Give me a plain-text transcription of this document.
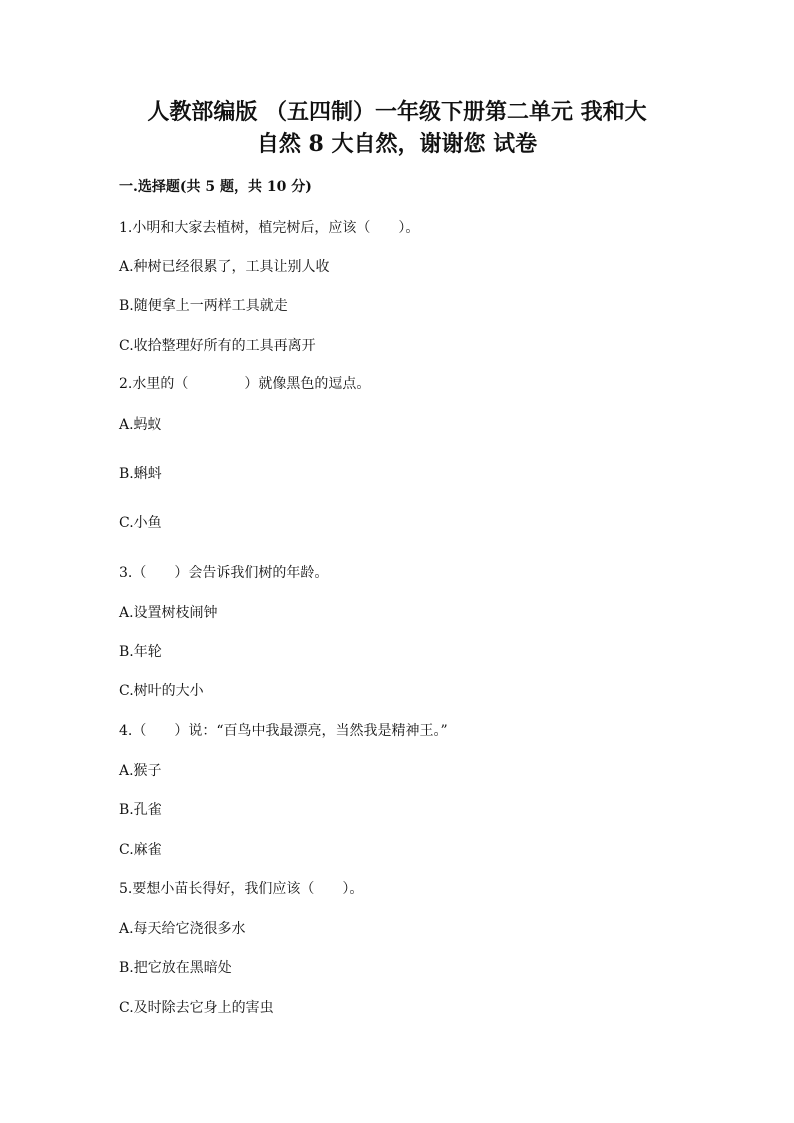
人教部编版 （五四制）一年级下册第二单元 我和大
自然 8 大自然，谢谢您 试卷

一.选择题(共 5 题，共 10 分)

1.小明和大家去植树，植完树后，应该（　　）。

A.种树已经很累了，工具让别人收

B.随便拿上一两样工具就走

C.收拾整理好所有的工具再离开

2.水里的（　　　　）就像黑色的逗点。

A.蚂蚁

B.蝌蚪

C.小鱼

3.（　　）会告诉我们树的年龄。

A.设置树枝闹钟

B.年轮

C.树叶的大小

4.（　　）说：“百鸟中我最漂亮，当然我是精神王。”

A.猴子

B.孔雀

C.麻雀

5.要想小苗长得好，我们应该（　　）。

A.每天给它浇很多水

B.把它放在黑暗处

C.及时除去它身上的害虫
